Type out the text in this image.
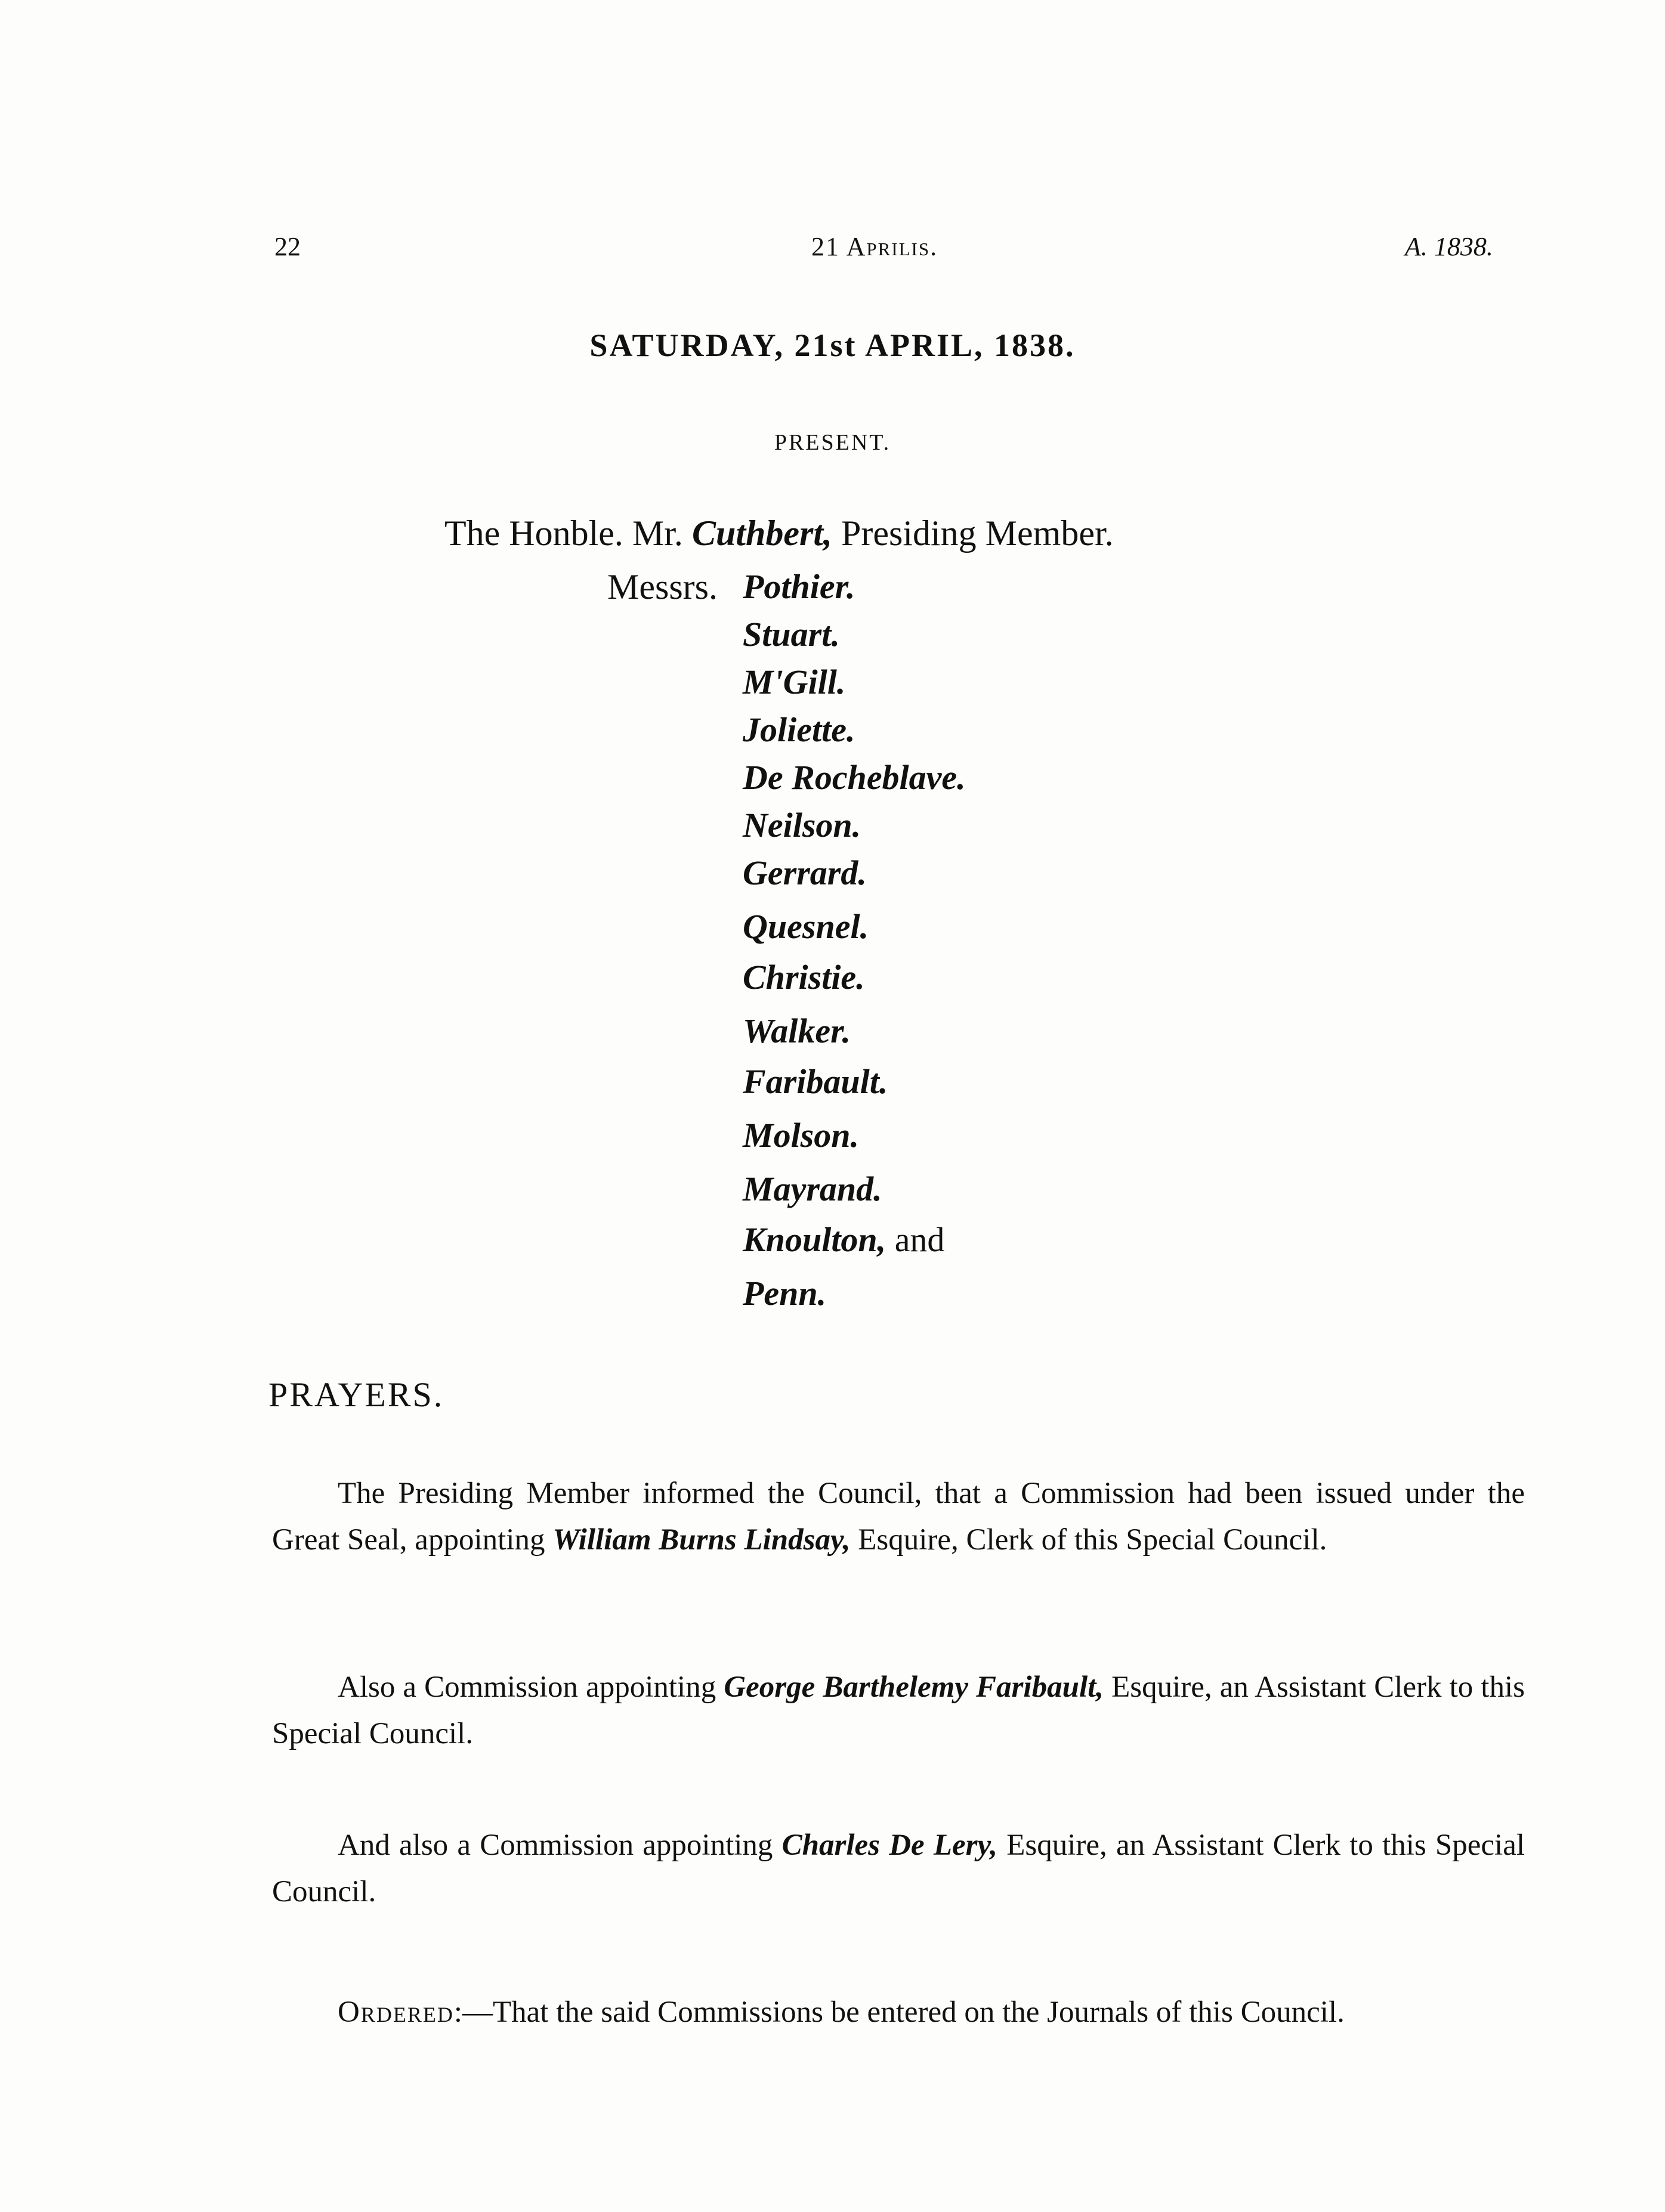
22	21 Aprilis.	A. 1838.
SATURDAY, 21st APRIL, 1838.
PRESENT.
The Honble. Mr. Cuthbert, Presiding Member.
Messrs. Pothier.
Stuart.
M'Gill.
Joliette.
De Rocheblave.
Neilson.
Gerrard.
Quesnel.
Christie.
Walker.
Faribault.
Molson.
Mayrand.
Knoulton, and
Penn.
PRAYERS.
The Presiding Member informed the Council, that a Commission had been issued under the Great Seal, appointing William Burns Lindsay, Esquire, Clerk of this Special Council.
Also a Commission appointing George Barthelemy Faribault, Esquire, an Assistant Clerk to this Special Council.
And also a Commission appointing Charles De Lery, Esquire, an Assistant Clerk to this Special Council.
Ordered:—That the said Commissions be entered on the Journals of this Council.
